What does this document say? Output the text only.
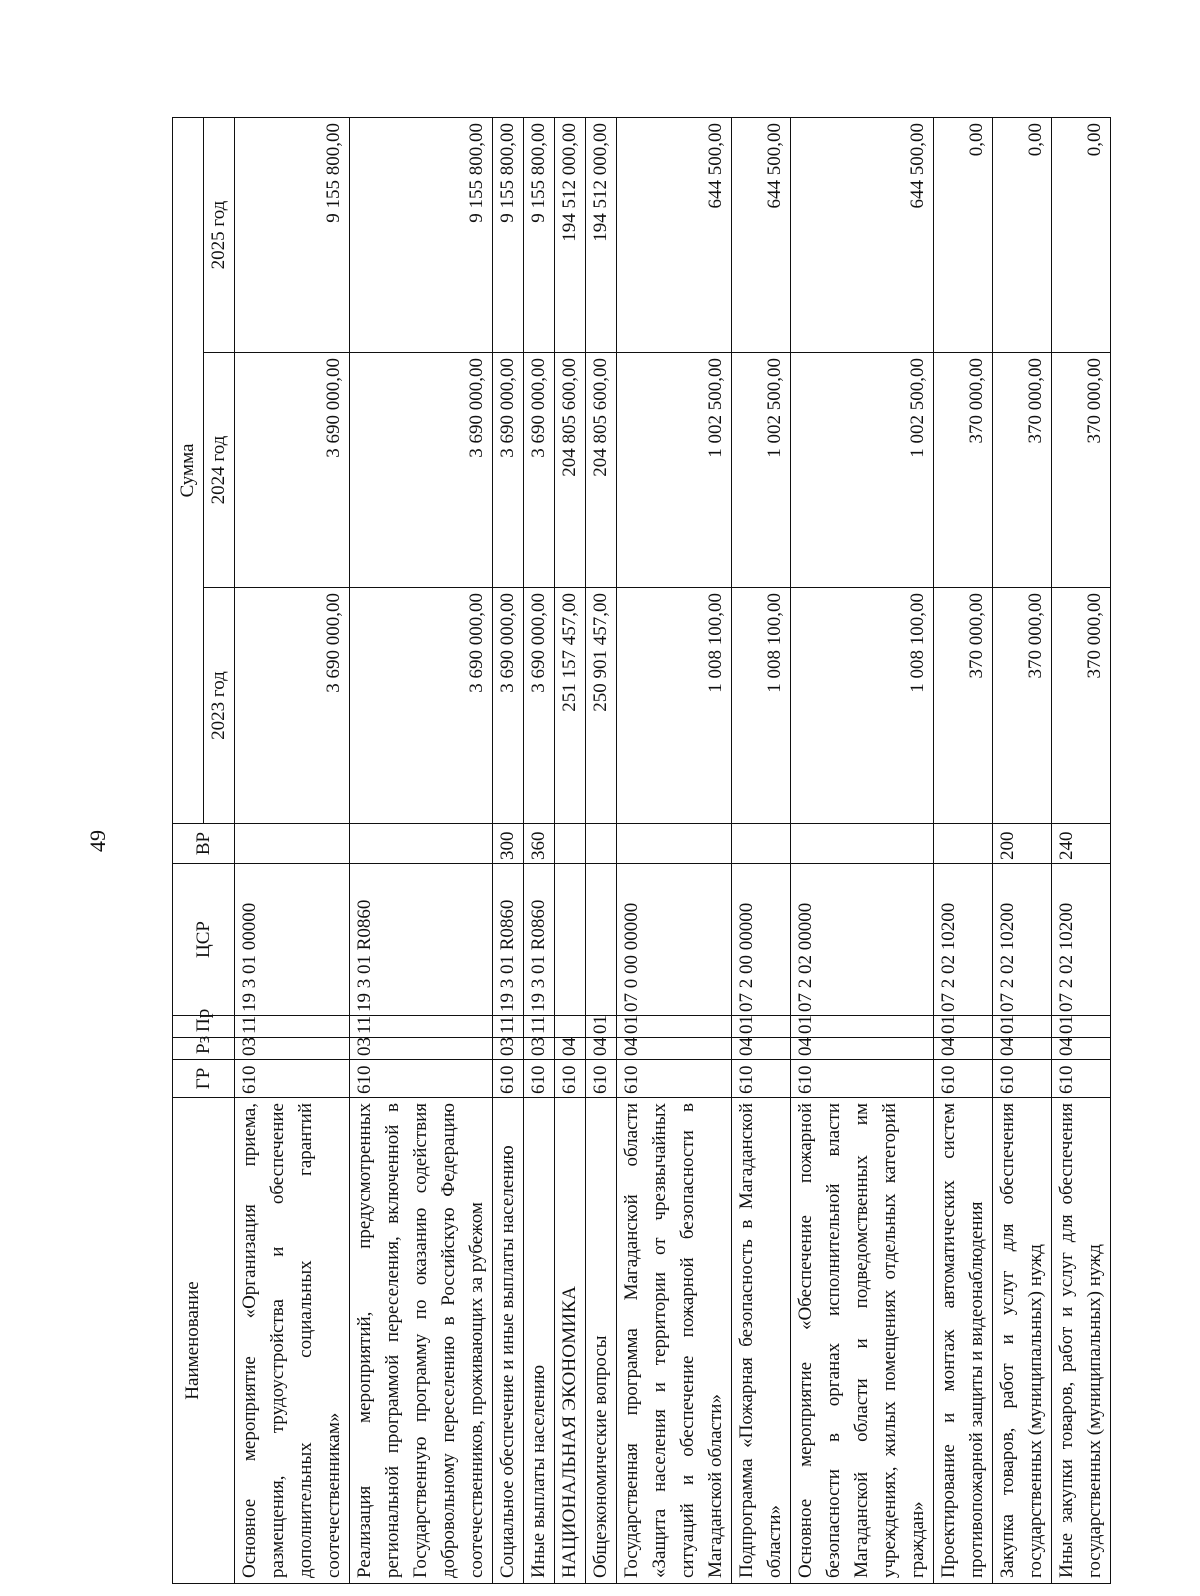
49
Наименование	ГР	Рз	Пр	ЦСР	ВР	Сумма		
						2023 год	2024 год	2025 год
Основное мероприятие «Организация приема, размещения, трудоустройства и обеспечение дополнительных социальных гарантий соотечественникам»	610	03	11	19 3 01 00000		3 690 000,00	3 690 000,00	9 155 800,00
Реализация мероприятий, предусмотренных региональной программой переселения, включенной в Государственную программу по оказанию содействия добровольному переселению в Российскую Федерацию соотечественников, проживающих за рубежом	610	03	11	19 3 01 R0860		3 690 000,00	3 690 000,00	9 155 800,00
Социальное обеспечение и иные выплаты населению	610	03	11	19 3 01 R0860	300	3 690 000,00	3 690 000,00	9 155 800,00
Иные выплаты населению	610	03	11	19 3 01 R0860	360	3 690 000,00	3 690 000,00	9 155 800,00
НАЦИОНАЛЬНАЯ ЭКОНОМИКА	610	04				251 157 457,00	204 805 600,00	194 512 000,00
Общеэкономические вопросы	610	04	01			250 901 457,00	204 805 600,00	194 512 000,00
Государственная программа Магаданской области «Защита населения и территории от чрезвычайных ситуаций и обеспечение пожарной безопасности в Магаданской области»	610	04	01	07 0 00 00000		1 008 100,00	1 002 500,00	644 500,00
Подпрограмма «Пожарная безопасность в Магаданской области»	610	04	01	07 2 00 00000		1 008 100,00	1 002 500,00	644 500,00
Основное мероприятие «Обеспечение пожарной безопасности в органах исполнительной власти Магаданской области и подведомственных им учреждениях, жилых помещениях отдельных категорий граждан»	610	04	01	07 2 02 00000		1 008 100,00	1 002 500,00	644 500,00
Проектирование и монтаж автоматических систем противопожарной защиты и видеонаблюдения	610	04	01	07 2 02 10200		370 000,00	370 000,00	0,00
Закупка товаров, работ и услуг для обеспечения государственных (муниципальных) нужд	610	04	01	07 2 02 10200	200	370 000,00	370 000,00	0,00
Иные закупки товаров, работ и услуг для обеспечения государственных (муниципальных) нужд	610	04	01	07 2 02 10200	240	370 000,00	370 000,00	0,00
